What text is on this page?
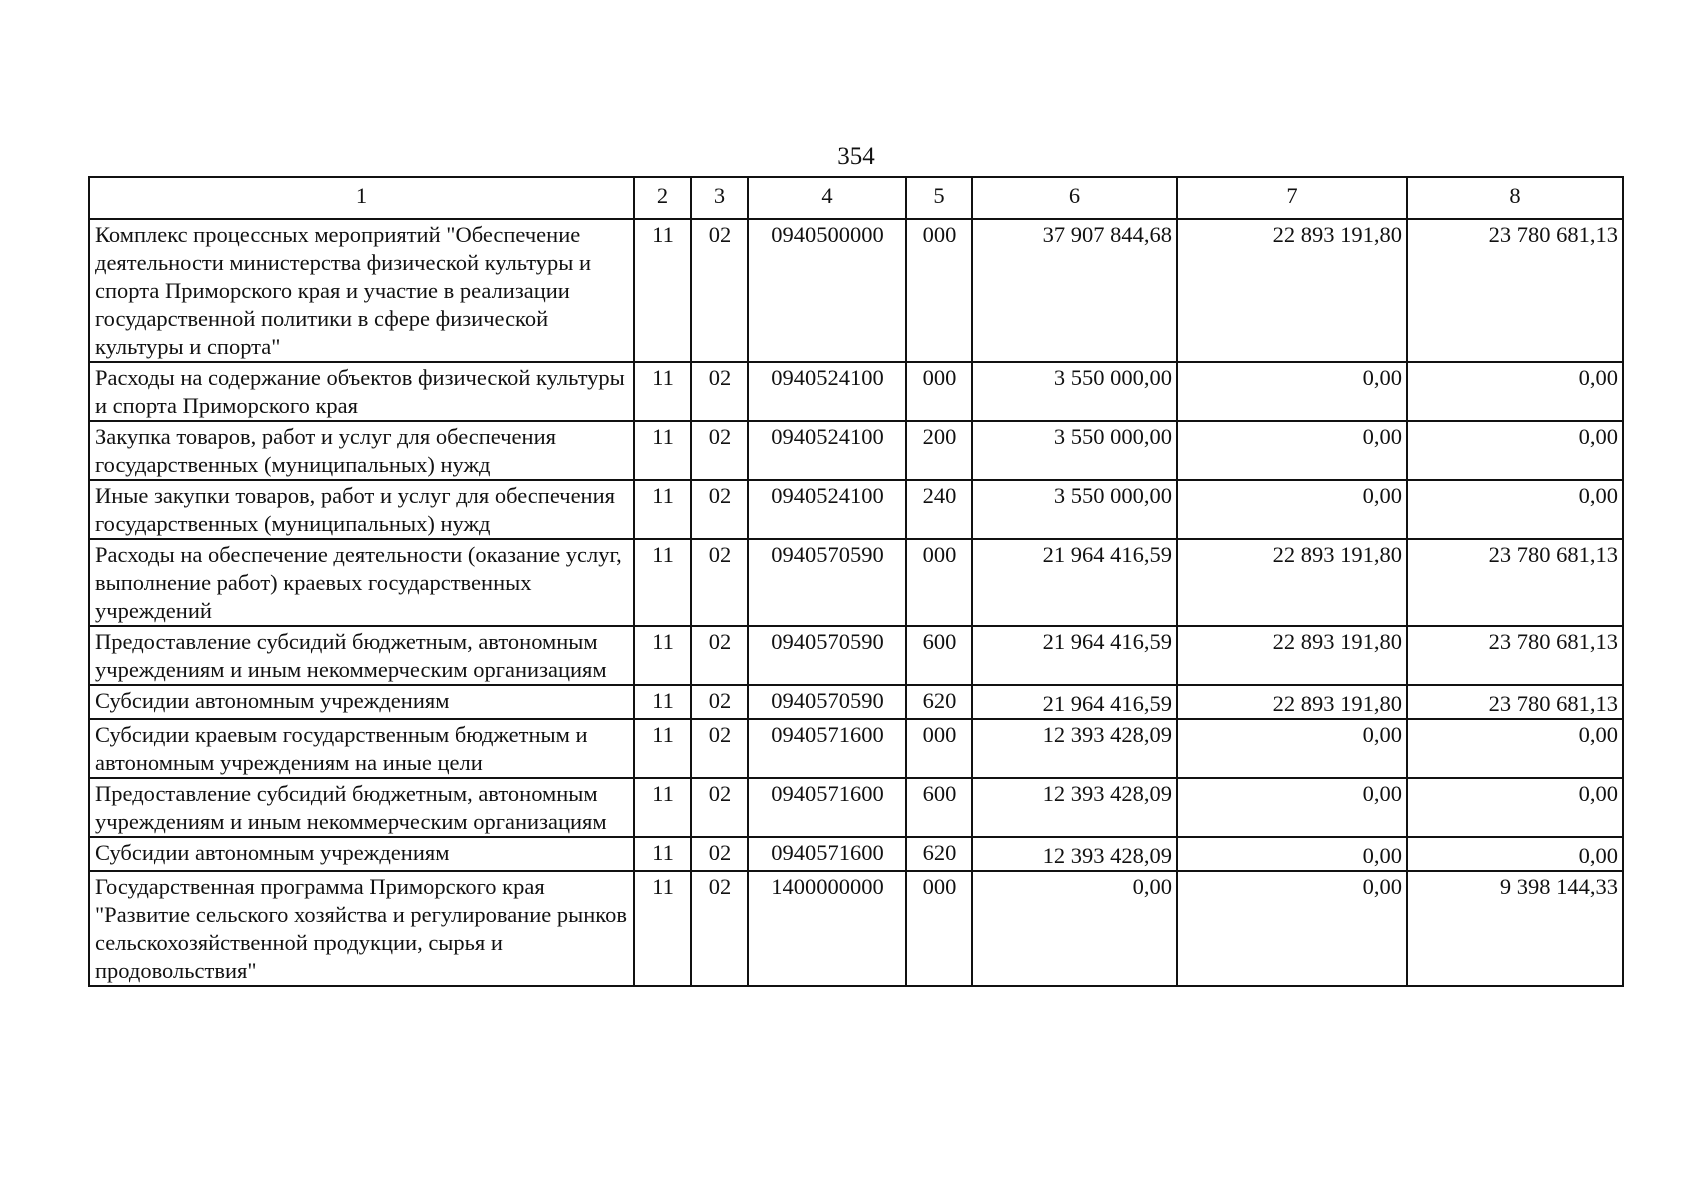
354
1	2	3	4	5	6	7	8
Комплекс процессных мероприятий "Обеспечение деятельности министерства физической культуры и спорта Приморского края и участие в реализации государственной политики в сфере физической культуры и спорта"	11	02	0940500000	000	37 907 844,68	22 893 191,80	23 780 681,13
Расходы на содержание объектов физической культуры и спорта Приморского края	11	02	0940524100	000	3 550 000,00	0,00	0,00
Закупка товаров, работ и услуг для обеспечения государственных (муниципальных) нужд	11	02	0940524100	200	3 550 000,00	0,00	0,00
Иные закупки товаров, работ и услуг для обеспечения государственных (муниципальных) нужд	11	02	0940524100	240	3 550 000,00	0,00	0,00
Расходы на обеспечение деятельности (оказание услуг, выполнение работ) краевых государственных учреждений	11	02	0940570590	000	21 964 416,59	22 893 191,80	23 780 681,13
Предоставление субсидий бюджетным, автономным учреждениям и иным некоммерческим организациям	11	02	0940570590	600	21 964 416,59	22 893 191,80	23 780 681,13
Субсидии автономным учреждениям	11	02	0940570590	620	21 964 416,59	22 893 191,80	23 780 681,13
Субсидии краевым государственным бюджетным и автономным учреждениям на иные цели	11	02	0940571600	000	12 393 428,09	0,00	0,00
Предоставление субсидий бюджетным, автономным учреждениям и иным некоммерческим организациям	11	02	0940571600	600	12 393 428,09	0,00	0,00
Субсидии автономным учреждениям	11	02	0940571600	620	12 393 428,09	0,00	0,00
Государственная программа Приморского края "Развитие сельского хозяйства и регулирование рынков сельскохозяйственной продукции, сырья и продовольствия"	11	02	1400000000	000	0,00	0,00	9 398 144,33
